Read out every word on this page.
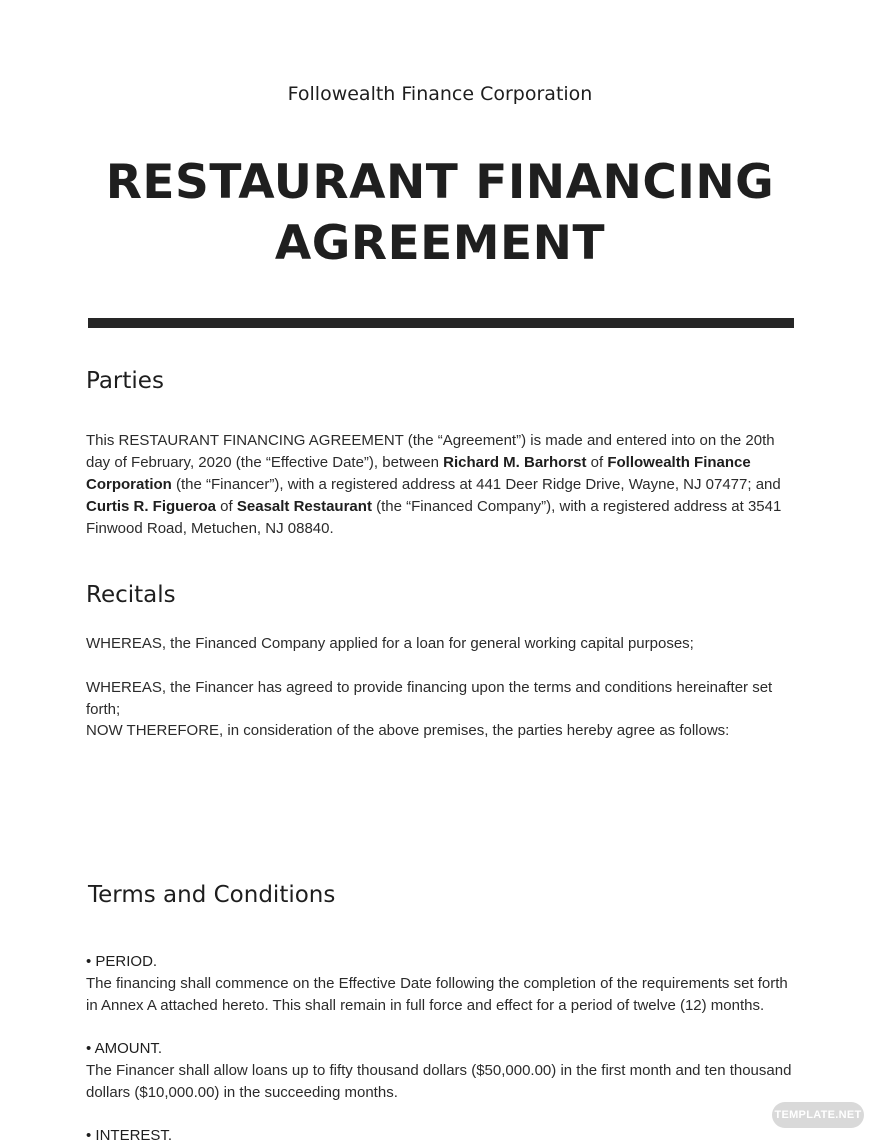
Followealth Finance Corporation
RESTAURANT FINANCING AGREEMENT
Parties

This RESTAURANT FINANCING AGREEMENT (the “Agreement”) is made and entered into on the 20th day of February, 2020 (the “Effective Date”), between Richard M. Barhorst of Followealth Finance Corporation (the “Financer”), with a registered address at 441 Deer Ridge Drive, Wayne, NJ 07477; and Curtis R. Figueroa of Seasalt Restaurant (the “Financed Company”), with a registered address at 3541 Finwood Road, Metuchen, NJ 08840.

Recitals

WHEREAS, the Financed Company applied for a loan for general working capital purposes;

WHEREAS, the Financer has agreed to provide financing upon the terms and conditions hereinafter set forth;

NOW THEREFORE, in consideration of the above premises, the parties hereby agree as follows:

Terms and Conditions

• PERIOD.

The financing shall commence on the Effective Date following the completion of the requirements set forth in Annex A attached hereto. This shall remain in full force and effect for a period of twelve (12) months.

• AMOUNT.

The Financer shall allow loans up to fifty thousand dollars ($50,000.00) in the first month and ten thousand dollars ($10,000.00) in the succeeding months.

• INTEREST.

TEMPLATE.NET
